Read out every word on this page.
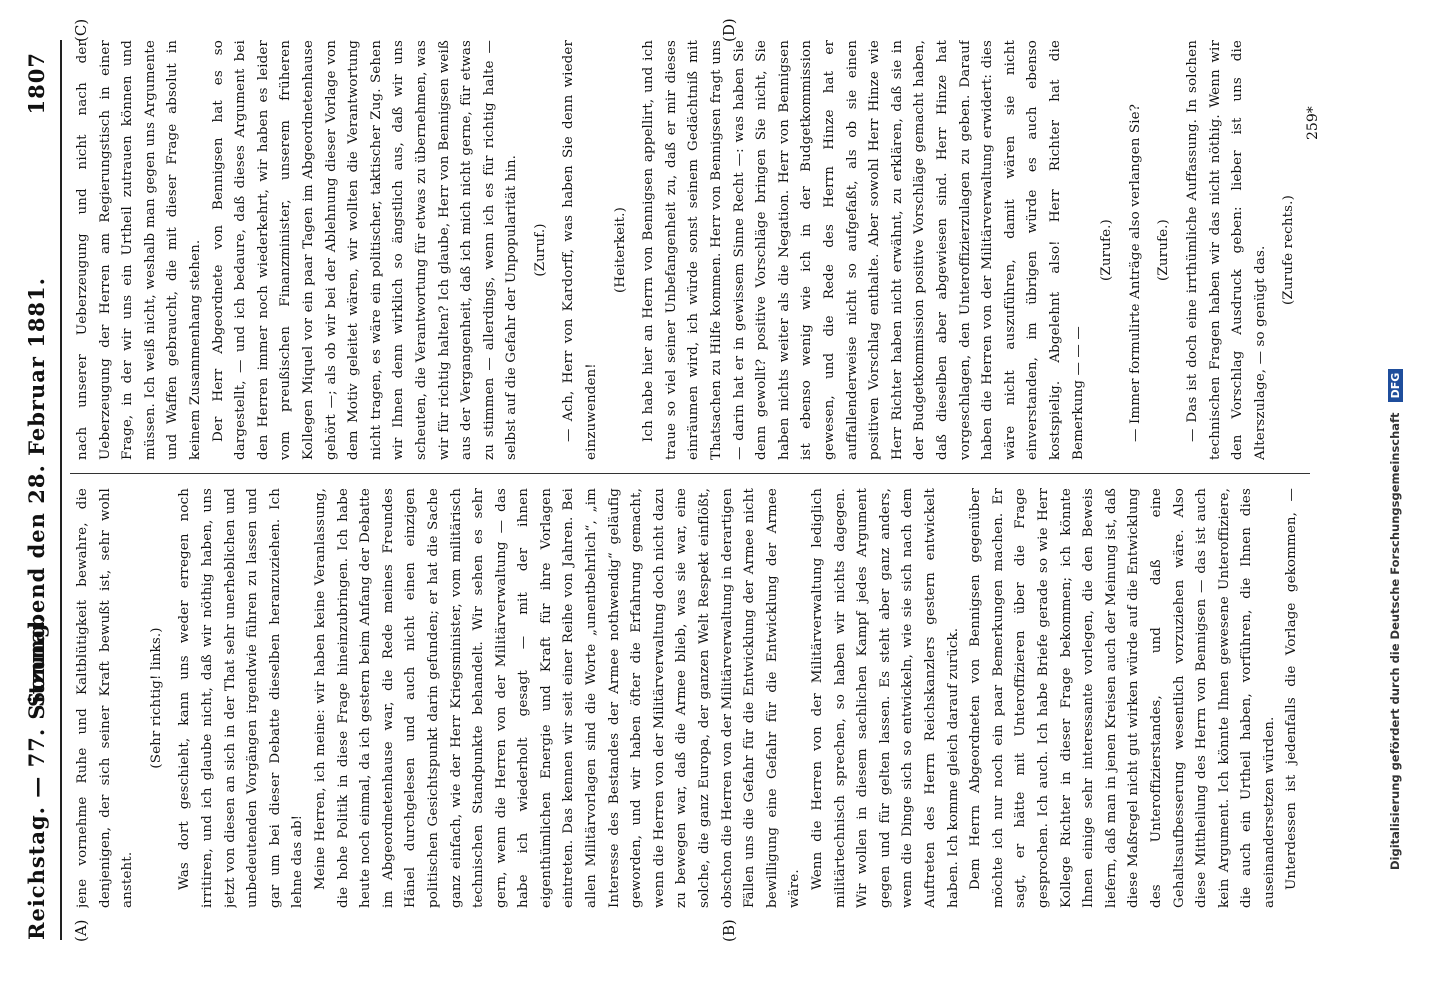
Reichstag. — 77. Sitzung.
Sonnabend den 28. Februar 1881.
1807
(A)	(B)
(C)	(D)

jene vornehme Ruhe und Kaltblütigkeit bewahre, die denjenigen, der sich seiner Kraft bewußt ist, sehr wohl ansteht.

(Sehr richtig! links.)	Was dort geschieht, kann uns weder erregen noch irritiren, und ich glaube nicht, daß wir nöthig haben, uns jetzt von diesen an sich in der That sehr unerheblichen und unbedeutenden Vorgängen irgendwie führen zu lassen und gar um bei dieser Debatte dieselben heranzuziehen. Ich lehne das ab! Meine Herren, ich meine: wir haben keine Veranlassung, die hohe Politik in diese Frage hineinzubringen. Ich habe heute noch einmal, da ich gestern beim Anfang der Debatte im Abgeordnetenhause war, die Rede meines Freundes Hänel durchgelesen und auch nicht einen einzigen politischen Gesichtspunkt darin gefunden; er hat die Sache ganz einfach, wie der Herr Kriegsminister, vom militärisch technischen Standpunkte behandelt. Wir sehen es sehr gern, wenn die Herren von der Militärverwaltung — das habe ich wiederholt gesagt — mit der ihnen eigenthümlichen Energie und Kraft für ihre Vorlagen eintreten. Das kennen wir seit einer Reihe von Jahren. Bei allen Militärvorlagen sind die Worte „unentbehrlich“, „im Interesse des Bestandes der Armee nothwendig“ geläufig geworden, und wir haben öfter die Erfahrung gemacht, wenn die Herren von der Militärverwaltung doch nicht dazu zu bewegen war, daß die Armee blieb, was sie war, eine solche, die ganz Europa, der ganzen Welt Respekt einflößt, obschon die Herren von der Militärverwaltung in derartigen Fällen uns die Gefahr für die Entwicklung der Armee nicht bewilligung eine Gefahr für die Entwicklung der Armee wäre. Wenn die Herren von der Militärverwaltung lediglich militärtechnisch sprechen, so haben wir nichts dagegen. Wir wollen in diesem sachlichen Kampf jedes Argument gegen und für gelten lassen. Es steht aber ganz anders, wenn die Dinge sich so entwickeln, wie sie sich nach dem Auftreten des Herrn Reichskanzlers gestern entwickelt haben. Ich komme gleich darauf zurück. Dem Herrn Abgeordneten von Bennigsen gegenüber möchte ich nur noch ein paar Bemerkungen machen. Er sagt, er hätte mit Unteroffizieren über die Frage gesprochen. Ich auch. Ich habe Briefe gerade so wie Herr Kollege Richter in dieser Frage bekommen; ich könnte Ihnen einige sehr interessante vorlegen, die den Beweis liefern, daß man in jenen Kreisen auch der Meinung ist, daß diese Maßregel nicht gut wirken würde auf die Entwicklung des Unteroffizierstandes, und daß eine Gehaltsaufbesserung wesentlich vorzuziehen wäre. Also diese Mittheilung des Herrn von Bennigsen — das ist auch kein Argument. Ich könnte Ihnen gewesene Unteroffiziere, die auch ein Urtheil haben, vorführen, die Ihnen dies auseinandersetzen würden. Unterdessen ist jedenfalls die Vorlage gekommen, —

nach unserer Ueberzeugung und nicht nach der Ueberzeugung der Herren am Regierungstisch in einer Frage, in der wir uns ein Urtheil zutrauen können und müssen. Ich weiß nicht, weshalb man gegen uns Argumente und Waffen gebraucht, die mit dieser Frage absolut in keinem Zusammenhang stehen. Der Herr Abgeordnete von Bennigsen hat es so dargestellt, — und ich bedaure, daß dieses Argument bei den Herren immer noch wiederkehrt, wir haben es leider vom preußischen Finanzminister, unserem früheren Kollegen Miquel vor ein paar Tagen im Abgeordnetenhause gehört —; als ob wir bei der Ablehnung dieser Vorlage von dem Motiv geleitet wären, wir wollten die Verantwortung nicht tragen, es wäre ein politischer, taktischer Zug. Sehen wir Ihnen denn wirklich so ängstlich aus, daß wir uns scheuten, die Verantwortung für etwas zu übernehmen, was wir für richtig halten? Ich glaube, Herr von Bennigsen weiß aus der Vergangenheit, daß ich mich nicht gerne, für etwas zu stimmen — allerdings, wenn ich es für richtig halte — selbst auf die Gefahr der Unpopularität hin.	(Zuruf.)	— Ach, Herr von Kardorff, was haben Sie denn wieder einzuwenden!

(Heiterkeit.)	Ich habe hier an Herrn von Bennigsen appellirt, und ich traue so viel seiner Unbefangenheit zu, daß er mir dieses einräumen wird, ich würde sonst seinem Gedächtniß mit Thatsachen zu Hilfe kommen. Herr von Bennigsen fragt uns — darin hat er in gewissem Sinne Recht —: was haben Sie denn gewollt? positive Vorschläge bringen Sie nicht, Sie haben nichts weiter als die Negation. Herr von Bennigsen ist ebenso wenig wie ich in der Budgetkommission gewesen, und die Rede des Herrn Hinze hat er auffallenderweise nicht so aufgefaßt, als ob sie einen positiven Vorschlag enthalte. Aber sowohl Herr Hinze wie Herr Richter haben nicht erwähnt, zu erklären, daß sie in der Budgetkommission positive Vorschläge gemacht haben, daß dieselben aber abgewiesen sind. Herr Hinze hat vorgeschlagen, den Unteroffizierzulagen zu geben. Darauf haben die Herren von der Militärverwaltung erwidert: dies wäre nicht auszuführen, damit wären sie nicht einverstanden, im übrigen würde es auch ebenso kostspielig. Abgelehnt also! Herr Richter hat die Bemerkung — — —

(Zurufe.)	— Immer formulirte Anträge also verlangen Sie?	(Zurufe.)	— Das ist doch eine irrthümliche Auffassung. In solchen technischen Fragen haben wir das nicht nöthig. Wenn wir den Vorschlag Ausdruck geben: lieber ist uns die Alterszulage, — so genügt das.	(Zurufe rechts.)

259*
Digitalisierung gefördert durch die Deutsche Forschungsgemeinschaft DFG
